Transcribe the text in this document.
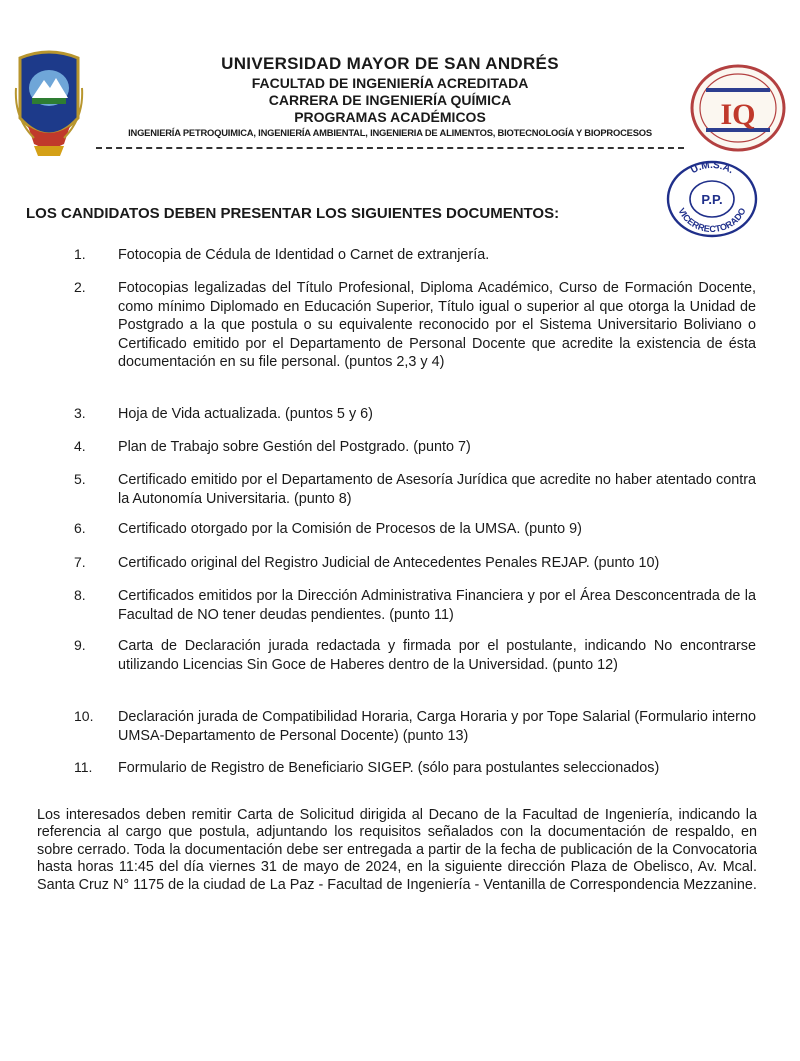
UNIVERSIDAD MAYOR DE SAN ANDRÉS
FACULTAD DE INGENIERÍA ACREDITADA
CARRERA DE INGENIERÍA QUÍMICA
PROGRAMAS ACADÉMICOS
INGENIERÍA PETROQUIMICA, INGENIERÍA AMBIENTAL, INGENIERIA DE ALIMENTOS, BIOTECNOLOGÍA Y BIOPROCESOS
IQ
U.M.S.A.
P.P.
VICERRECTORADO
LOS CANDIDATOS DEBEN PRESENTAR LOS SIGUIENTES DOCUMENTOS:
1.	Fotocopia de Cédula de Identidad o Carnet de extranjería.
2.	Fotocopias legalizadas del Título Profesional, Diploma Académico, Curso de Formación Docente, como mínimo Diplomado en Educación Superior, Título igual o superior al que otorga la Unidad de Postgrado a la que postula o su equivalente reconocido por el Sistema Universitario Boliviano o Certificado emitido por el Departamento de Personal Docente que acredite la existencia de ésta documentación en su file personal. (puntos 2,3 y 4)
3.	Hoja de Vida actualizada. (puntos 5 y 6)
4.	Plan de Trabajo sobre Gestión del Postgrado. (punto 7)
5.	Certificado emitido por el Departamento de Asesoría Jurídica que acredite no haber atentado contra la Autonomía Universitaria. (punto 8)
6.	Certificado otorgado por la Comisión de Procesos de la UMSA. (punto 9)
7.	Certificado original del Registro Judicial de Antecedentes Penales REJAP. (punto 10)
8.	Certificados emitidos por la Dirección Administrativa Financiera y por el Área Desconcentrada de la Facultad de NO tener deudas pendientes. (punto 11)
9.	Carta de Declaración jurada redactada y firmada por el postulante, indicando No encontrarse utilizando Licencias Sin Goce de Haberes dentro de la Universidad. (punto 12)
10.	Declaración jurada de Compatibilidad Horaria, Carga Horaria y por Tope Salarial (Formulario interno UMSA-Departamento de Personal Docente) (punto 13)
11.	Formulario de Registro de Beneficiario SIGEP. (sólo para postulantes seleccionados)
Los interesados deben remitir Carta de Solicitud dirigida al Decano de la Facultad de Ingeniería, indicando la referencia al cargo que postula, adjuntando los requisitos señalados con la documentación de respaldo, en sobre cerrado. Toda la documentación debe ser entregada a partir de la fecha de publicación de la Convocatoria hasta horas 11:45 del día viernes 31 de mayo de 2024, en la siguiente dirección Plaza de Obelisco, Av. Mcal. Santa Cruz N° 1175 de la ciudad de La Paz - Facultad de Ingeniería - Ventanilla de Correspondencia Mezzanine.
